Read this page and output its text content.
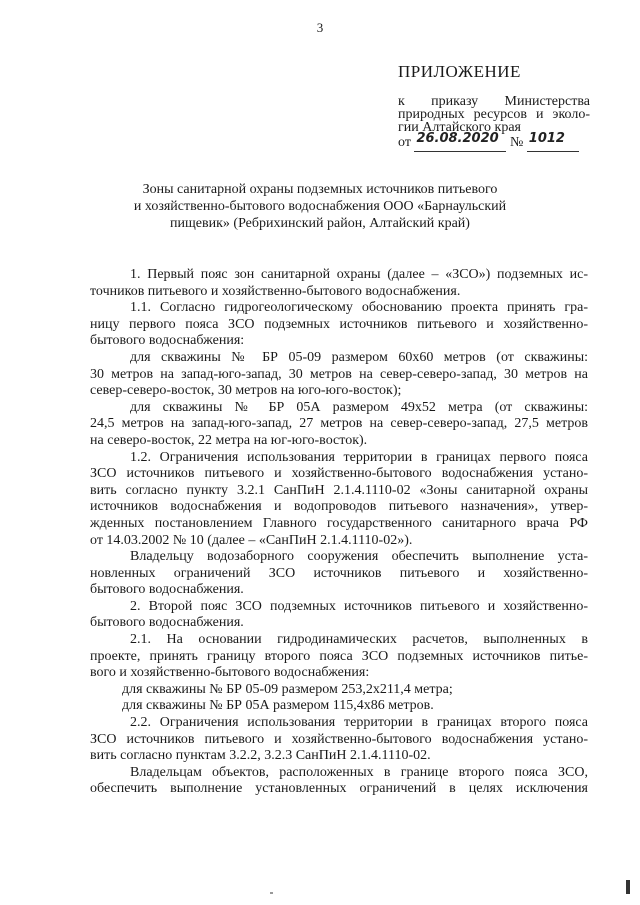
3
ПРИЛОЖЕНИЕ
к приказу Министерства
природных ресурсов и эколо-
гии Алтайского края
от 26.08.2020 № 1012

Зоны санитарной охраны подземных источников питьевого
и хозяйственно-бытового водоснабжения ООО «Барнаульский
пищевик» (Ребрихинский район, Алтайский край)
1. Первый пояс зон санитарной охраны (далее – «ЗСО») подземных ис-
точников питьевого и хозяйственно-бытового водоснабжения.
1.1. Согласно гидрогеологическому обоснованию проекта принять гра-
ницу первого пояса ЗСО подземных источников питьевого и хозяйственно-
бытового водоснабжения:
для скважины № БР 05-09 размером 60х60 метров (от скважины:
30 метров на запад-юго-запад, 30 метров на север-северо-запад, 30 метров на
север-северо-восток, 30 метров на юго-юго-восток);
для скважины № БР 05А размером 49х52 метра (от скважины:
24,5 метров на запад-юго-запад, 27 метров на север-северо-запад, 27,5 метров
на северо-восток, 22 метра на юг-юго-восток).
1.2. Ограничения использования территории в границах первого пояса
ЗСО источников питьевого и хозяйственно-бытового водоснабжения устано-
вить согласно пункту 3.2.1 СанПиН 2.1.4.1110-02 «Зоны санитарной охраны
источников водоснабжения и водопроводов питьевого назначения», утвер-
жденных постановлением Главного государственного санитарного врача РФ
от 14.03.2002 № 10 (далее – «СанПиН 2.1.4.1110-02»).
Владельцу водозаборного сооружения обеспечить выполнение уста-
новленных ограничений ЗСО источников питьевого и хозяйственно-
бытового водоснабжения.
2. Второй пояс ЗСО подземных источников питьевого и хозяйственно-
бытового водоснабжения.
2.1. На основании гидродинамических расчетов, выполненных в
проекте, принять границу второго пояса ЗСО подземных источников питье-
вого и хозяйственно-бытового водоснабжения:
для скважины № БР 05-09 размером 253,2х211,4 метра;
для скважины № БР 05А размером 115,4х86 метров.
2.2. Ограничения использования территории в границах второго пояса
ЗСО источников питьевого и хозяйственно-бытового водоснабжения устано-
вить согласно пунктам 3.2.2, 3.2.3 СанПиН 2.1.4.1110-02.
Владельцам объектов, расположенных в границе второго пояса ЗСО,
обеспечить выполнение установленных ограничений в целях исключения
